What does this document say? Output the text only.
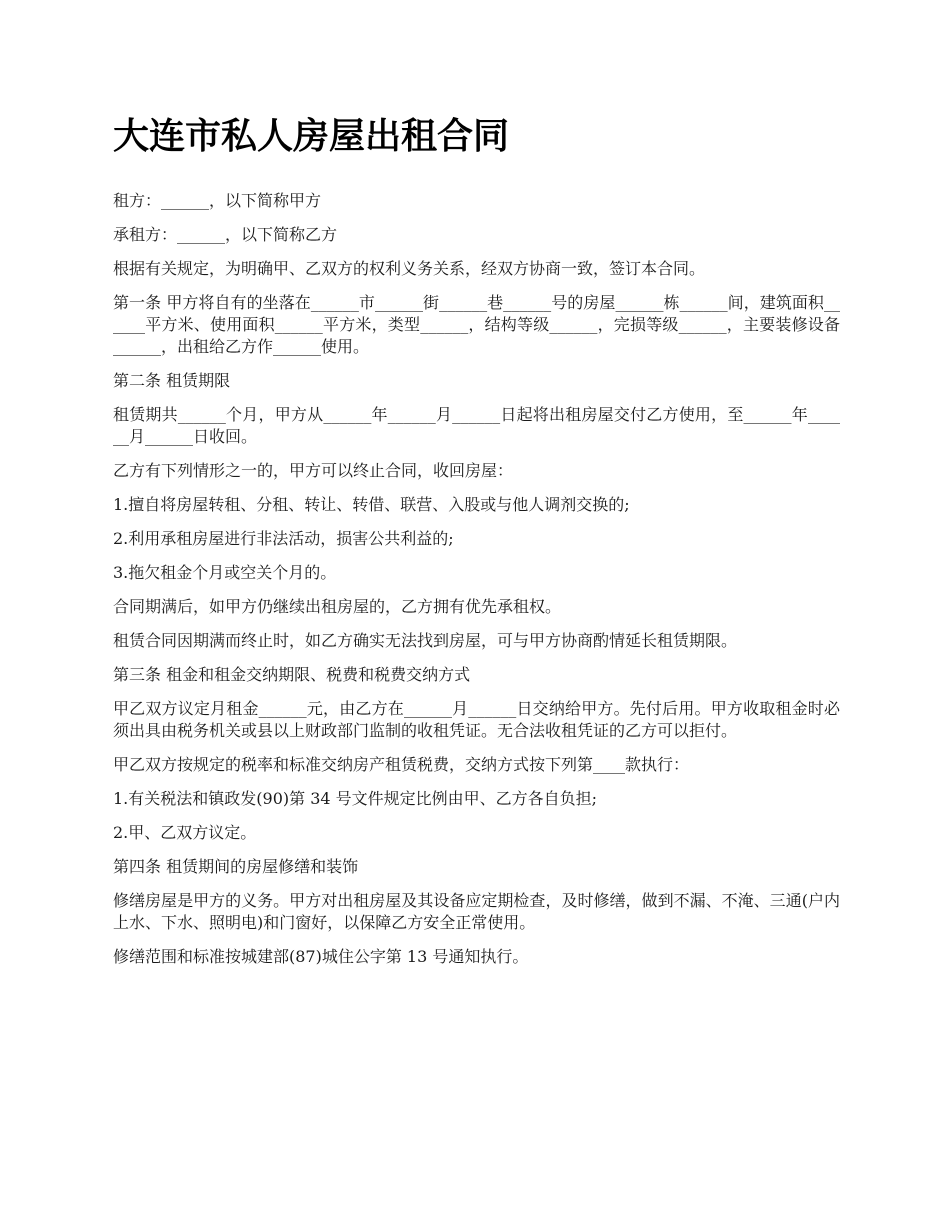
大连市私人房屋出租合同

租方：______，以下简称甲方

承租方：______，以下简称乙方

根据有关规定，为明确甲、乙双方的权利义务关系，经双方协商一致，签订本合同。

第一条 甲方将自有的坐落在______市______街______巷______号的房屋______栋______间，建筑面积______平方米、使用面积______平方米，类型______，结构等级______，完损等级______，主要装修设备______，出租给乙方作______使用。

第二条 租赁期限

租赁期共______个月，甲方从______年______月______日起将出租房屋交付乙方使用，至______年______月______日收回。

乙方有下列情形之一的，甲方可以终止合同，收回房屋：

1.擅自将房屋转租、分租、转让、转借、联营、入股或与他人调剂交换的;

2.利用承租房屋进行非法活动，损害公共利益的;

3.拖欠租金个月或空关个月的。

合同期满后，如甲方仍继续出租房屋的，乙方拥有优先承租权。

租赁合同因期满而终止时，如乙方确实无法找到房屋，可与甲方协商酌情延长租赁期限。

第三条 租金和租金交纳期限、税费和税费交纳方式

甲乙双方议定月租金______元，由乙方在______月______日交纳给甲方。先付后用。甲方收取租金时必须出具由税务机关或县以上财政部门监制的收租凭证。无合法收租凭证的乙方可以拒付。

甲乙双方按规定的税率和标准交纳房产租赁税费，交纳方式按下列第____款执行：

1.有关税法和镇政发(90)第 34 号文件规定比例由甲、乙方各自负担;

2.甲、乙双方议定。

第四条 租赁期间的房屋修缮和装饰

修缮房屋是甲方的义务。甲方对出租房屋及其设备应定期检查，及时修缮，做到不漏、不淹、三通(户内上水、下水、照明电)和门窗好，以保障乙方安全正常使用。

修缮范围和标准按城建部(87)城住公字第 13 号通知执行。
